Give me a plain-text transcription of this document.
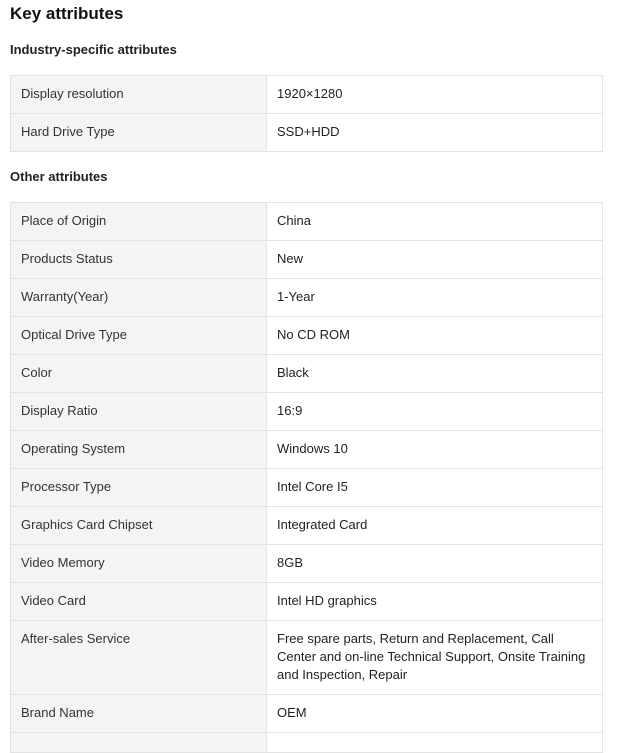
Key attributes
Industry-specific attributes
Display resolution	1920×1280
Hard Drive Type	SSD+HDD
Other attributes
Place of Origin	China
Products Status	New
Warranty(Year)	1-Year
Optical Drive Type	No CD ROM
Color	Black
Display Ratio	16:9
Operating System	Windows 10
Processor Type	Intel Core I5
Graphics Card Chipset	Integrated Card
Video Memory	8GB
Video Card	Intel HD graphics
After-sales Service	Free spare parts, Return and Replacement, Call Center and on-line Technical Support, Onsite Training and Inspection, Repair
Brand Name	OEM
